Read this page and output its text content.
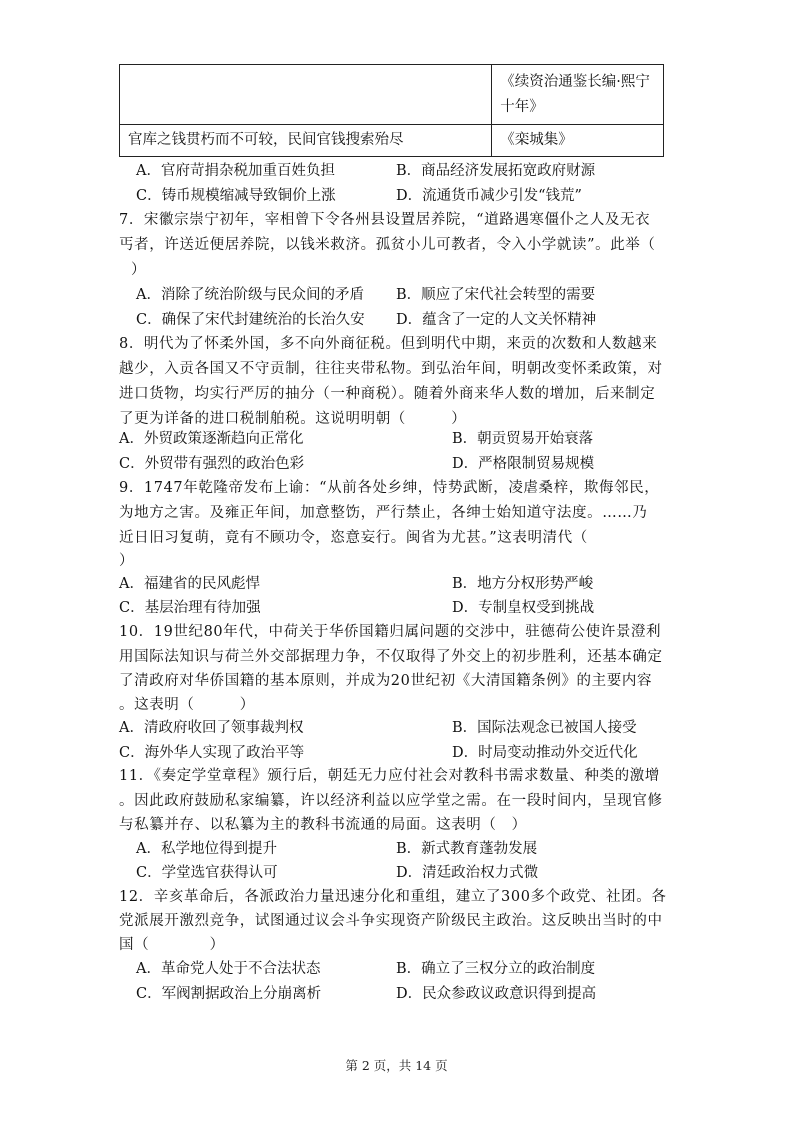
	《续资治通鉴长编·熙宁十年》
官库之钱贯朽而不可较，民间官钱搜索殆尽	《栾城集》
A．官府苛捐杂税加重百姓负担	B．商品经济发展拓宽政府财源
C．铸币规模缩减导致铜价上涨	D．流通货币减少引发“钱荒”
7．宋徽宗崇宁初年，宰相曾下令各州县设置居养院，“道路遇寒僵仆之人及无衣
丐者，许送近便居养院，以钱米救济。孤贫小儿可教者，令入小学就读”。此举（
）
A．消除了统治阶级与民众间的矛盾 B．顺应了宋代社会转型的需要
C．确保了宋代封建统治的长治久安 D．蕴含了一定的人文关怀精神
8．明代为了怀柔外国，多不向外商征税。但到明代中期，来贡的次数和人数越来
越少，入贡各国又不守贡制，往往夹带私物。到弘治年间，明朝改变怀柔政策，对
进口货物，均实行严厉的抽分（一种商税）。随着外商来华人数的增加，后来制定
了更为详备的进口税制舶税。这说明明朝（　　　）
A．外贸政策逐渐趋向正常化	B．朝贡贸易开始衰落
C．外贸带有强烈的政治色彩	D．严格限制贸易规模
9．1747年乾隆帝发布上谕：“从前各处乡绅，恃势武断，凌虐桑梓，欺侮邻民，
为地方之害。及雍正年间，加意整饬，严行禁止，各绅士始知道守法度。……乃
近日旧习复萌，竟有不顾功令，恣意妄行。闽省为尤甚。”这表明清代（
）
A．福建省的民风彪悍	B．地方分权形势严峻
C．基层治理有待加强	D．专制皇权受到挑战
10．19世纪80年代，中荷关于华侨国籍归属问题的交涉中，驻德荷公使许景澄利
用国际法知识与荷兰外交部据理力争，不仅取得了外交上的初步胜利，还基本确定
了清政府对华侨国籍的基本原则，并成为20世纪初《大清国籍条例》的主要内容
。这表明（　　　）
A．清政府收回了领事裁判权	B．国际法观念已被国人接受
C．海外华人实现了政治平等	D．时局变动推动外交近代化
11．《奏定学堂章程》颁行后，朝廷无力应付社会对教科书需求数量、种类的激增
。因此政府鼓励私家编纂，许以经济利益以应学堂之需。在一段时间内，呈现官修
与私纂并存、以私纂为主的教科书流通的局面。这表明（　）
A．私学地位得到提升	B．新式教育蓬勃发展
C．学堂选官获得认可	D．清廷政治权力式微
12．辛亥革命后，各派政治力量迅速分化和重组，建立了300多个政党、社团。各
党派展开激烈竞争，试图通过议会斗争实现资产阶级民主政治。这反映出当时的中
国（　　　　）
A．革命党人处于不合法状态	B．确立了三权分立的政治制度
C．军阀割据政治上分崩离析	D．民众参政议政意识得到提高
第 2 页，共 14 页
